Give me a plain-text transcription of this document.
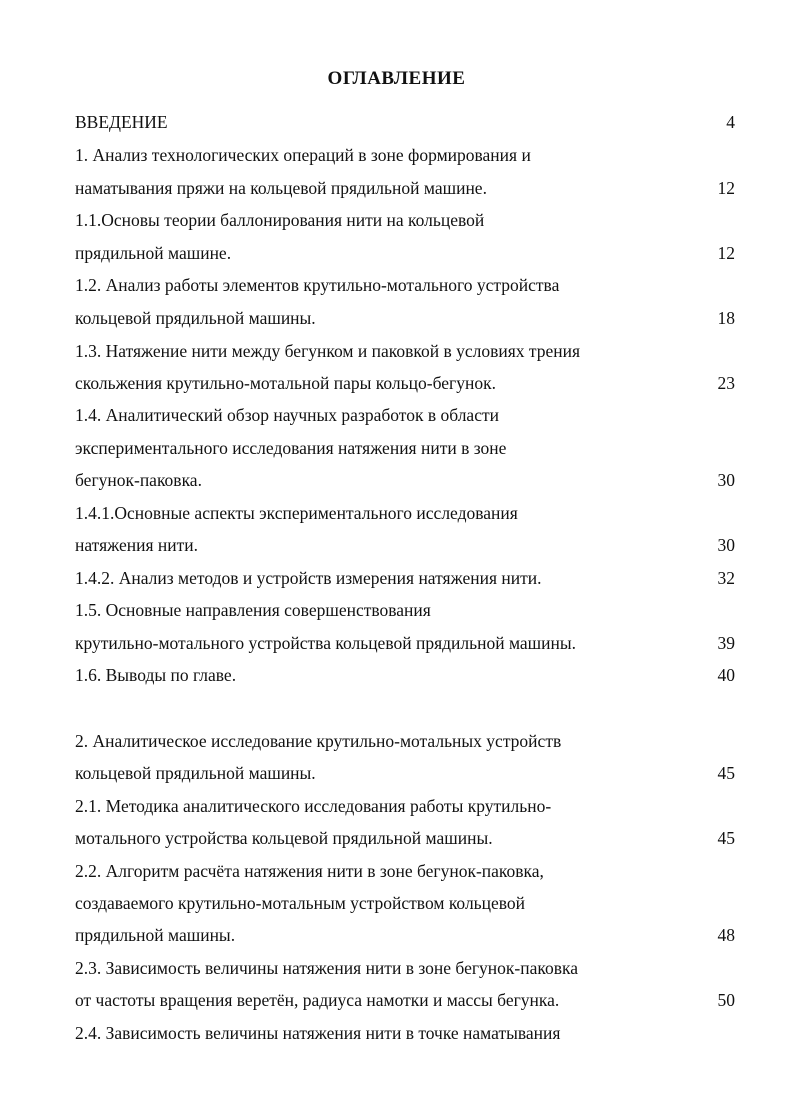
ОГЛАВЛЕНИЕ
ВВЕДЕНИЕ	4
1. Анализ технологических операций в зоне формирования и
наматывания пряжи на кольцевой прядильной машине.	12
1.1.Основы теории баллонирования нити на кольцевой
прядильной машине.	12
1.2. Анализ работы элементов крутильно-мотального устройства
кольцевой прядильной машины.	18
1.3. Натяжение нити между бегунком и паковкой в условиях трения
скольжения крутильно-мотальной пары кольцо-бегунок.	23
1.4. Аналитический обзор научных разработок в области
экспериментального исследования натяжения нити в зоне
бегунок-паковка.	30
1.4.1.Основные аспекты экспериментального исследования
натяжения нити.	30
1.4.2. Анализ методов и устройств измерения натяжения нити.	32
1.5. Основные направления совершенствования
крутильно-мотального устройства кольцевой прядильной машины.	39
1.6. Выводы по главе.	40
2. Аналитическое исследование крутильно-мотальных устройств
кольцевой прядильной машины.	45
2.1. Методика аналитического исследования работы крутильно-
мотального устройства кольцевой прядильной машины.	45
2.2. Алгоритм расчёта натяжения нити в зоне бегунок-паковка,
создаваемого крутильно-мотальным устройством кольцевой
прядильной машины.	48
2.3. Зависимость величины натяжения нити в зоне бегунок-паковка
от частоты вращения веретён, радиуса намотки и массы бегунка.	50
2.4. Зависимость величины натяжения нити в точке наматывания
